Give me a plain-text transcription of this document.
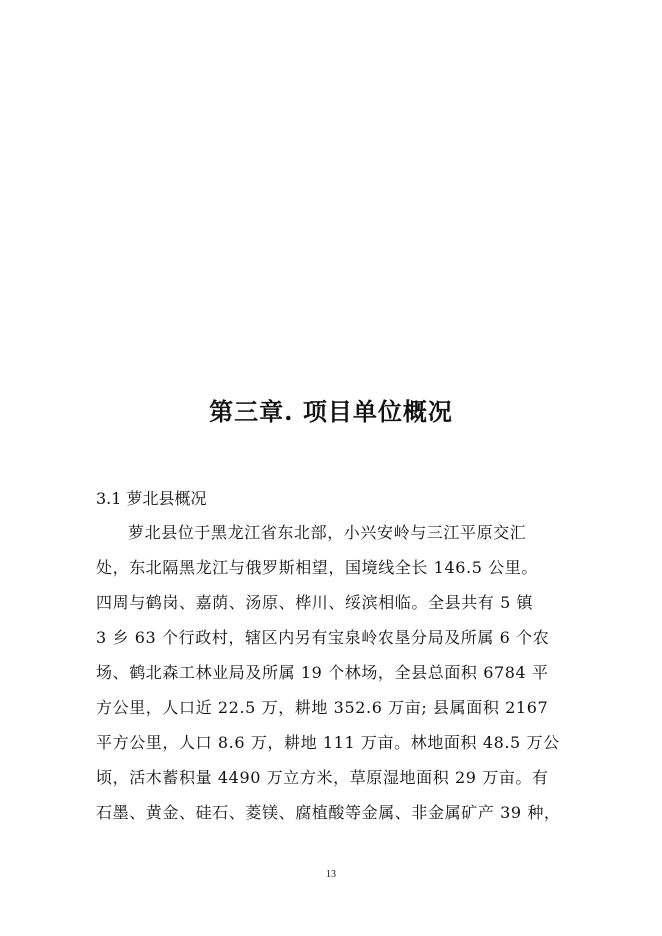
第三章. 项目单位概况
3.1 萝北县概况

萝北县位于黑龙江省东北部，小兴安岭与三江平原交汇

处，东北隔黑龙江与俄罗斯相望，国境线全长 146.5 公里。

四周与鹤岗、嘉荫、汤原、桦川、绥滨相临。全县共有 5 镇

3 乡 63 个行政村，辖区内另有宝泉岭农垦分局及所属 6 个农

场、鹤北森工林业局及所属 19 个林场，全县总面积 6784 平

方公里，人口近 22.5 万，耕地 352.6 万亩; 县属面积 2167

平方公里，人口 8.6 万，耕地 111 万亩。林地面积 48.5 万公

顷，活木蓄积量 4490 万立方米，草原湿地面积 29 万亩。有

石墨、黄金、硅石、菱镁、腐植酸等金属、非金属矿产 39 种，

13
